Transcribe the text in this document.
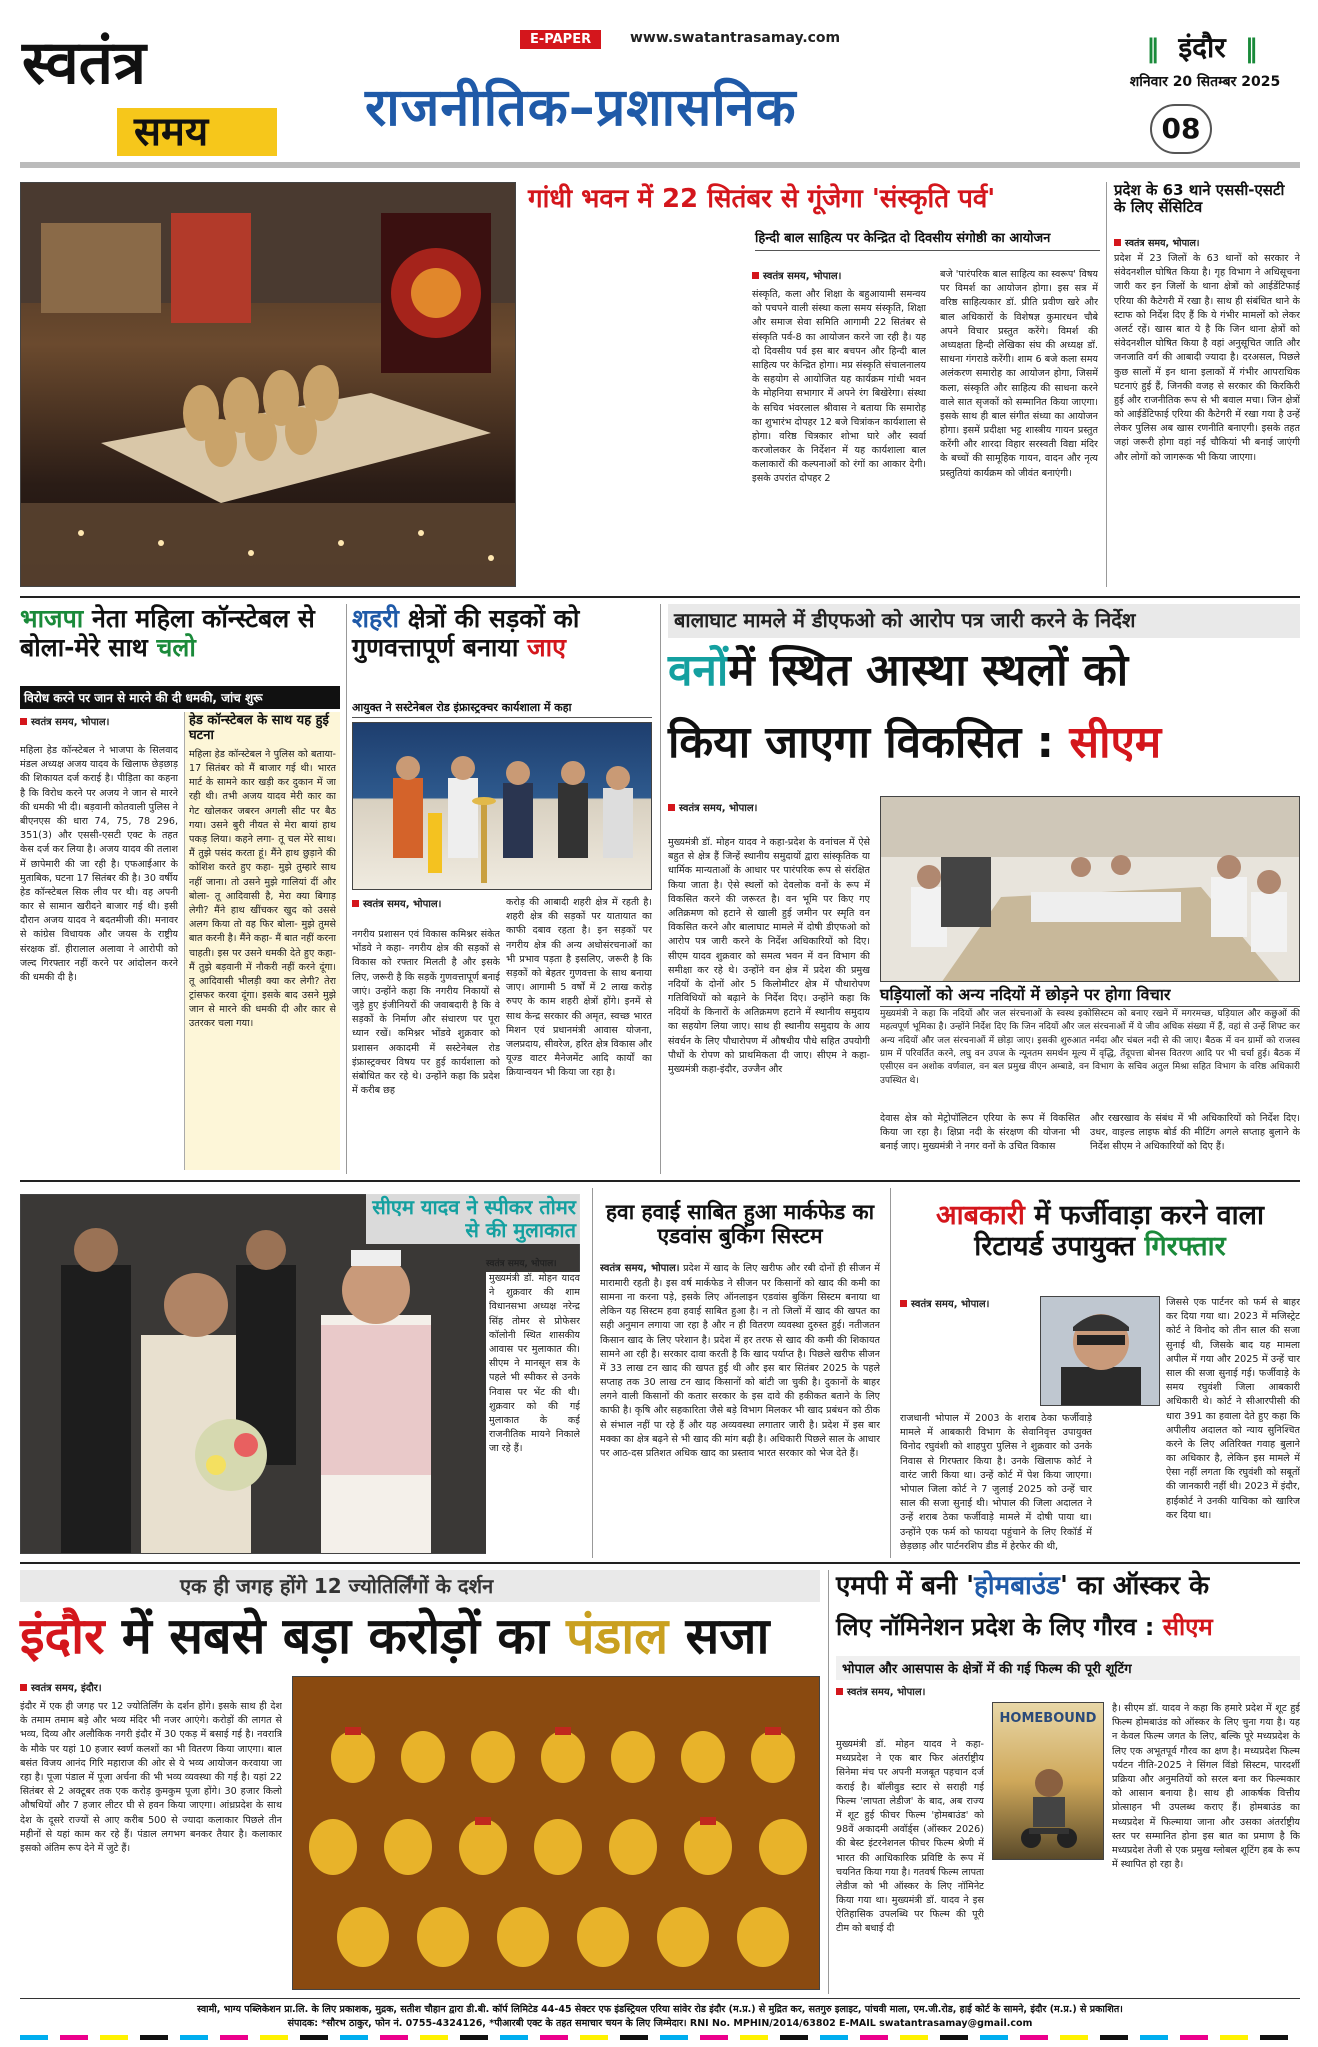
स्वतंत्र
समय
E-PAPER	www.swatantrasamay.com
राजनीतिक–प्रशासनिक
‖ इंदौर ‖
शनिवार 20 सितम्बर 2025
08
गांधी भवन में 22 सितंबर से गूंजेगा 'संस्कृति पर्व'
हिन्दी बाल साहित्य पर केन्द्रित दो दिवसीय संगोष्ठी का आयोजन
स्वतंत्र समय, भोपाल।
संस्कृति, कला और शिक्षा के बहुआयामी समन्वय को पचपने वाली संस्था कला समय संस्कृति, शिक्षा और समाज सेवा समिति आगामी 22 सितंबर से संस्कृति पर्व-8 का आयोजन करने जा रही है। यह दो दिवसीय पर्व इस बार बचपन और हिन्दी बाल साहित्य पर केन्द्रित होगा। मप्र संस्कृति संचालनालय के सहयोग से आयोजित यह कार्यक्रम गांधी भवन के मोहनिया सभागार में अपने रंग बिखेरेगा। संस्था के सचिव भंवरलाल श्रीवास ने बताया कि समारोह का शुभारंभ दोपहर 12 बजे चित्रांकन कार्यशाला से होगा। वरिष्ठ चित्रकार शोभा घारे और स्वर्वा करजोलकर के निर्देशन में यह कार्यशाला बाल कलाकारों की कल्पनाओं को रंगों का आकार देगी। इसके उपरांत दोपहर 2
बजे 'पारंपरिक बाल साहित्य का स्वरूप' विषय पर विमर्श का आयोजन होगा। इस सत्र में वरिष्ठ साहित्यकार डॉ. प्रीति प्रवीण खरे और बाल अधिकारों के विशेषज्ञ कुमारधन चौबे अपने विचार प्रस्तुत करेंगे। विमर्श की अध्यक्षता हिन्दी लेखिका संघ की अध्यक्ष डॉ. साधना गंगराडे करेंगी। शाम 6 बजे कला समय अलंकरण समारोह का आयोजन होगा, जिसमें कला, संस्कृति और साहित्य की साधना करने वाले सात सृजकों को सम्मानित किया जाएगा। इसके साथ ही बाल संगीत संध्या का आयोजन होगा। इसमें प्रदीक्षा भट्ट शास्त्रीय गायन प्रस्तुत करेंगी और शारदा विहार सरस्वती विद्या मंदिर के बच्चों की सामूहिक गायन, वादन और नृत्य प्रस्तुतियां कार्यक्रम को जीवंत बनाएंगी।
प्रदेश के 63 थाने एससी-एसटी के लिए सेंसिटिव
स्वतंत्र समय, भोपाल।
प्रदेश में 23 जिलों के 63 थानों को सरकार ने संवेदनशील घोषित किया है। गृह विभाग ने अधिसूचना जारी कर इन जिलों के थाना क्षेत्रों को आईडेंटिफाई एरिया की कैटेगरी में रखा है। साथ ही संबंधित थाने के स्टाफ को निर्देश दिए हैं कि ये गंभीर मामलों को लेकर अलर्ट रहें। खास बात ये है कि जिन थाना क्षेत्रों को संवेदनशील घोषित किया है वहां अनुसूचित जाति और जनजाति वर्ग की आबादी ज्यादा है। दरअसल, पिछले कुछ सालों में इन थाना इलाकों में गंभीर आपराधिक घटनाएं हुई हैं, जिनकी वजह से सरकार की किरकिरी हुई और राजनीतिक रूप से भी बवाल मचा। जिन क्षेत्रों को आईडेंटिफाई एरिया की कैटेगरी में रखा गया है उन्हें लेकर पुलिस अब खास रणनीति बनाएगी। इसके तहत जहां जरूरी होगा वहां नई चौकियां भी बनाई जाएंगी और लोगों को जागरूक भी किया जाएगा।
भाजपा नेता महिला कॉन्स्टेबल से बोला-मेरे साथ चलो
विरोध करने पर जान से मारने की दी धमकी, जांच शुरू
स्वतंत्र समय, भोपाल।
महिला हेड कॉन्स्टेबल ने भाजपा के सिलवाद मंडल अध्यक्ष अजय यादव के खिलाफ छेड़छाड़ की शिकायत दर्ज कराई है। पीड़िता का कहना है कि विरोध करने पर अजय ने जान से मारने की धमकी भी दी। बड़वानी कोतवाली पुलिस ने बीएनएस की धारा 74, 75, 78 296, 351(3) और एससी-एसटी एक्ट के तहत केस दर्ज कर लिया है। अजय यादव की तलाश में छापेमारी की जा रही है। एफआईआर के मुताबिक, घटना 17 सितंबर की है। 30 वर्षीय हेड कॉन्स्टेबल सिक लीव पर थी। वह अपनी कार से सामान खरीदने बाजार गई थी। इसी दौरान अजय यादव ने बदतमीजी की। मनावर से कांग्रेस विधायक और जयस के राष्ट्रीय संरक्षक डॉ. हीरालाल अलावा ने आरोपी को जल्द गिरफ्तार नहीं करने पर आंदोलन करने की धमकी दी है।
हेड कॉन्स्टेबल के साथ यह हुई घटना
महिला हेड कॉन्स्टेबल ने पुलिस को बताया- 17 सितंबर को मैं बाजार गई थी। भारत मार्ट के सामने कार खड़ी कर दुकान में जा रही थी। तभी अजय यादव मेरी कार का गेट खोलकर जबरन अगली सीट पर बैठ गया। उसने बुरी नीयत से मेरा बायां हाथ पकड़ लिया। कहने लगा- तू चल मेरे साथ। मैं तुझे पसंद करता हूं। मैंने हाथ छुड़ाने की कोशिश करते हुए कहा- मुझे तुम्हारे साथ नहीं जाना। तो उसने मुझे गालियां दीं और बोला- तू आदिवासी है, मेरा क्या बिगाड़ लेगी? मैंने हाथ खींचकर खुद को उससे अलग किया तो वह फिर बोला- मुझे तुमसे बात करनी है। मैंने कहा- मैं बात नहीं करना चाहती। इस पर उसने धमकी देते हुए कहा- मैं तुझे बड़वानी में नौकरी नहीं करने दूंगा। तू आदिवासी भीलड़ी क्या कर लेगी? तेरा ट्रांसफर करवा दूंगा। इसके बाद उसने मुझे जान से मारने की धमकी दी और कार से उतरकर चला गया।
शहरी क्षेत्रों की सड़कों को गुणवत्तापूर्ण बनाया जाए
आयुक्त ने सस्टेनेबल रोड इंफ्रास्ट्रक्चर कार्यशाला में कहा
स्वतंत्र समय, भोपाल।
नगरीय प्रशासन एवं विकास कमिश्नर संकेत भोंडवे ने कहा- नगरीय क्षेत्र की सड़कों से विकास को रफ्तार मिलती है और इसके लिए, जरूरी है कि सड़कें गुणवत्तापूर्ण बनाई जाएं। उन्होंने कहा कि नगरीय निकायों से जुड़े हुए इंजीनियरों की जवाबदारी है कि वे सड़कों के निर्माण और संधारण पर पूरा ध्यान रखें। कमिश्नर भोंडवे शुक्रवार को प्रशासन अकादमी में सस्टेनेबल रोड इंफ्रास्ट्रक्चर विषय पर हुई कार्यशाला को संबोधित कर रहे थे। उन्होंने कहा कि प्रदेश में करीब छह
करोड़ की आबादी शहरी क्षेत्र में रहती है। शहरी क्षेत्र की सड़कों पर यातायात का काफी दबाव रहता है। इन सड़कों पर नगरीय क्षेत्र की अन्य अधोसंरचनाओं का भी प्रभाव पड़ता है इसलिए, जरूरी है कि सड़कों को बेहतर गुणवत्ता के साथ बनाया जाए। आगामी 5 वर्षों में 2 लाख करोड़ रुपए के काम शहरी क्षेत्रों होंगे। इनमें से साथ केन्द्र सरकार की अमृत, स्वच्छ भारत मिशन एवं प्रधानमंत्री आवास योजना, जलप्रदाय, सीवरेज, हरित क्षेत्र विकास और यूज्ड वाटर मैनेजमेंट आदि कार्यों का क्रियान्वयन भी किया जा रहा है।
बालाघाट मामले में डीएफओ को आरोप पत्र जारी करने के निर्देश
वनोंमें स्थित आस्था स्थलों को
किया जाएगा विकसित : सीएम
स्वतंत्र समय, भोपाल।
मुख्यमंत्री डॉ. मोहन यादव ने कहा-प्रदेश के वनांचल में ऐसे बहुत से क्षेत्र हैं जिन्हें स्थानीय समुदायों द्वारा सांस्कृतिक या धार्मिक मान्यताओं के आधार पर पारंपरिक रूप से संरक्षित किया जाता है। ऐसे स्थलों को देवलोक वनों के रूप में विकसित करने की जरूरत है। वन भूमि पर किए गए अतिक्रमण को हटाने से खाली हुई जमीन पर स्मृति वन विकसित करने और बालाघाट मामले में दोषी डीएफओ को आरोप पत्र जारी करने के निर्देश अधिकारियों को दिए। सीएम यादव शुक्रवार को समत्व भवन में वन विभाग की समीक्षा कर रहे थे। उन्होंने वन क्षेत्र में प्रदेश की प्रमुख नदियों के दोनों ओर 5 किलोमीटर क्षेत्र में पौधारोपण गतिविधियों को बढ़ाने के निर्देश दिए। उन्होंने कहा कि नदियों के किनारों के अतिक्रमण हटाने में स्थानीय समुदाय का सहयोग लिया जाए। साथ ही स्थानीय समुदाय के आय संवर्धन के लिए पौधारोपण में औषधीय पौधे सहित उपयोगी पौधों के रोपण को प्राथमिकता दी जाए। सीएम ने कहा-मुख्यमंत्री कहा-इंदौर, उज्जैन और
घड़ियालों को अन्य नदियों में छोड़ने पर होगा विचार
मुख्यमंत्री ने कहा कि नदियों और जल संरचनाओं के स्वस्थ इकोसिस्टम को बनाए रखने में मगरमच्छ, घड़ियाल और कछुओं की महत्वपूर्ण भूमिका है। उन्होंने निर्देश दिए कि जिन नदियों और जल संरचनाओं में ये जीव अधिक संख्या में हैं, वहां से उन्हें शिफ्ट कर अन्य नदियों और जल संरचनाओं में छोड़ा जाए। इसकी शुरुआत नर्मदा और चंबल नदी से की जाए। बैठक में वन ग्रामों को राजस्व ग्राम में परिवर्तित करने, लघु वन उपज के न्यूनतम समर्थन मूल्य में वृद्धि, तेंदूपत्ता बोनस वितरण आदि पर भी चर्चा हुई। बैठक में एसीएस वन अशोक वर्णवाल, वन बल प्रमुख वीएन अम्बाडे, वन विभाग के सचिव अतुल मिश्रा सहित विभाग के वरिष्ठ अधिकारी उपस्थित थे।
देवास क्षेत्र को मेट्रोपॉलिटन एरिया के रूप में विकसित किया जा रहा है। क्षिप्रा नदी के संरक्षण की योजना भी बनाई जाए। मुख्यमंत्री ने नगर वनों के उचित विकास
और रखरखाव के संबंध में भी अधिकारियों को निर्देश दिए। उधर, वाइल्ड लाइफ बोर्ड की मीटिंग अगले सप्ताह बुलाने के निर्देश सीएम ने अधिकारियों को दिए हैं।
सीएम यादव ने स्पीकर तोमर से की मुलाकात
स्वतंत्र समय, भोपाल।
मुख्यमंत्री डॉ. मोहन यादव ने शुक्रवार की शाम विधानसभा अध्यक्ष नरेन्द्र सिंह तोमर से प्रोफेसर कॉलोनी स्थित शासकीय आवास पर मुलाकात की। सीएम ने मानसून सत्र के पहले भी स्पीकर से उनके निवास पर भेंट की थी। शुक्रवार को की गई मुलाकात के कई राजनीतिक मायने निकाले जा रहे हैं।
हवा हवाई साबित हुआ मार्कफेड का एडवांस बुकिंग सिस्टम
स्वतंत्र समय, भोपाल। प्रदेश में खाद के लिए खरीफ और रबी दोनों ही सीजन में मारामारी रहती है। इस वर्ष मार्कफेड ने सीजन पर किसानों को खाद की कमी का सामना ना करना पड़े, इसके लिए ऑनलाइन एडवांस बुकिंग सिस्टम बनाया था लेकिन यह सिस्टम हवा हवाई साबित हुआ है। न तो जिलों में खाद की खपत का सही अनुमान लगाया जा रहा है और न ही वितरण व्यवस्था दुरुस्त हुई। नतीजतन किसान खाद के लिए परेशान है। प्रदेश में हर तरफ से खाद की कमी की शिकायत सामने आ रही है। सरकार दावा करती है कि खाद पर्याप्त है। पिछले खरीफ सीजन में 33 लाख टन खाद की खपत हुई थी और इस बार सितंबर 2025 के पहले सप्ताह तक 30 लाख टन खाद किसानों को बांटी जा चुकी है। दुकानों के बाहर लगने वाली किसानों की कतार सरकार के इस दावे की हकीकत बताने के लिए काफी है। कृषि और सहकारिता जैसे बड़े विभाग मिलकर भी खाद प्रबंधन को ठीक से संभाल नहीं पा रहे हैं और यह अव्यवस्था लगातार जारी है। प्रदेश में इस बार मक्का का क्षेत्र बढ़ने से भी खाद की मांग बढ़ी है। अधिकारी पिछले साल के आधार पर आठ-दस प्रतिशत अधिक खाद का प्रस्ताव भारत सरकार को भेज देते हैं।
आबकारी में फर्जीवाड़ा करने वाला रिटायर्ड उपायुक्त गिरफ्तार
स्वतंत्र समय, भोपाल।
राजधानी भोपाल में 2003 के शराब ठेका फर्जीवाड़े मामले में आबकारी विभाग के सेवानिवृत्त उपायुक्त विनोद रघुवंशी को शाहपुरा पुलिस ने शुक्रवार को उनके निवास से गिरफ्तार किया है। उनके खिलाफ कोर्ट ने वारंट जारी किया था। उन्हें कोर्ट में पेश किया जाएगा। भोपाल जिला कोर्ट ने 7 जुलाई 2025 को उन्हें चार साल की सजा सुनाई थी। भोपाल की जिला अदालत ने उन्हें शराब ठेका फर्जीवाड़े मामले में दोषी पाया था। उन्होंने एक फर्म को फायदा पहुंचाने के लिए रिकॉर्ड में छेड़छाड़ और पार्टनरशिप डीड में हेरफेर की थी,
जिससे एक पार्टनर को फर्म से बाहर कर दिया गया था। 2023 में मजिस्ट्रेट कोर्ट ने विनोद को तीन साल की सजा सुनाई थी, जिसके बाद यह मामला अपील में गया और 2025 में उन्हें चार साल की सजा सुनाई गई। फर्जीवाड़े के समय रघुवंशी जिला आबकारी अधिकारी थे। कोर्ट ने सीआरपीसी की धारा 391 का हवाला देते हुए कहा कि अपीलीय अदालत को न्याय सुनिश्चित करने के लिए अतिरिक्त गवाह बुलाने का अधिकार है, लेकिन इस मामले में ऐसा नहीं लगता कि रघुवंशी को सबूतों की जानकारी नहीं थी। 2023 में इंदौर, हाईकोर्ट ने उनकी याचिका को खारिज कर दिया था।

एक ही जगह होंगे 12 ज्योतिर्लिंगों के दर्शन
इंदौर में सबसे बड़ा करोड़ों का पंडाल सजा
स्वतंत्र समय, इंदौर।
इंदौर में एक ही जगह पर 12 ज्योतिर्लिंग के दर्शन होंगे। इसके साथ ही देश के तमाम तमाम बड़े और भव्य मंदिर भी नजर आएंगे। करोड़ों की लागत से भव्य, दिव्य और अलौकिक नगरी इंदौर में 30 एकड़ में बसाई गई है। नवरात्रि के मौके पर यहां 10 हजार स्वर्ण कलशों का भी वितरण किया जाएगा। बाल बसंत विजय आनंद गिरि महाराज की ओर से ये भव्य आयोजन करवाया जा रहा है। पूजा पंडाल में पूजा अर्चना की भी भव्य व्यवस्था की गई है। यहां 22 सितंबर से 2 अक्टूबर तक एक करोड़ कुमकुम पूजा होंगे। 30 हजार किलो औषधियों और 7 हजार लीटर घी से हवन किया जाएगा। आंध्रप्रदेश के साथ देश के दूसरे राज्यों से आए करीब 500 से ज्यादा कलाकार पिछले तीन महीनों से यहां काम कर रहे हैं। पंडाल लगभग बनकर तैयार है। कलाकार इसको अंतिम रूप देने में जुटे हैं।
एमपी में बनी 'होमबाउंड' का ऑस्कर के
लिए नॉमिनेशन प्रदेश के लिए गौरव : सीएम
भोपाल और आसपास के क्षेत्रों में की गई फिल्म की पूरी शूटिंग
स्वतंत्र समय, भोपाल।
मुख्यमंत्री डॉ. मोहन यादव ने कहा- मध्यप्रदेश ने एक बार फिर अंतर्राष्ट्रीय सिनेमा मंच पर अपनी मजबूत पहचान दर्ज कराई है। बॉलीवुड स्टार से सराही गई फिल्म 'लापता लेडीज' के बाद, अब राज्य में शूट हुई फीचर फिल्म 'होमबाउंड' को 98वें अकादमी अवॉर्ड्स (ऑस्कर 2026) की बेस्ट इंटरनेशनल फीचर फिल्म श्रेणी में भारत की आधिकारिक प्रविष्टि के रूप में चयनित किया गया है। गतवर्ष फिल्म लापता लेडीज को भी ऑस्कर के लिए नॉमिनेट किया गया था। मुख्यमंत्री डॉ. यादव ने इस ऐतिहासिक उपलब्धि पर फिल्म की पूरी टीम को बधाई दी
HOMEBOUND
है। सीएम डॉ. यादव ने कहा कि हमारे प्रदेश में शूट हुई फिल्म होमबाउंड को ऑस्कर के लिए चुना गया है। यह न केवल फिल्म जगत के लिए, बल्कि पूरे मध्यप्रदेश के लिए एक अभूतपूर्व गौरव का क्षण है। मध्यप्रदेश फिल्म पर्यटन नीति-2025 ने सिंगल विंडो सिस्टम, पारदर्शी प्रक्रिया और अनुमतियों को सरल बना कर फिल्मकार को आसान बनाया है। साथ ही आकर्षक वित्तीय प्रोत्साहन भी उपलब्ध कराए हैं। होमबाउंड का मध्यप्रदेश में फिल्माया जाना और उसका अंतर्राष्ट्रीय स्तर पर सम्मानित होना इस बात का प्रमाण है कि मध्यप्रदेश तेजी से एक प्रमुख ग्लोबल शूटिंग हब के रूप में स्थापित हो रहा है।
स्वामी, भाग्य पब्लिकेशन प्रा.लि. के लिए प्रकाशक, मुद्रक, सतीश चौहान द्वारा डी.बी. कॉर्प लिमिटेड 44-45 सेक्टर एफ इंडस्ट्रियल एरिया सांवेर रोड इंदौर (म.प्र.) से मुद्रित कर, सतगुरु इलाइट, पांचवी माला, एम.जी.रोड, हाई कोर्ट के सामने, इंदौर (म.प्र.) से प्रकाशित।
संपादक: *सौरभ ठाकुर, फोन नं. 0755-4324126, *पीआरबी एक्ट के तहत समाचार चयन के लिए जिम्मेदार। RNI No. MPHIN/2014/63802 E-MAIL swatantrasamay@gmail.com
